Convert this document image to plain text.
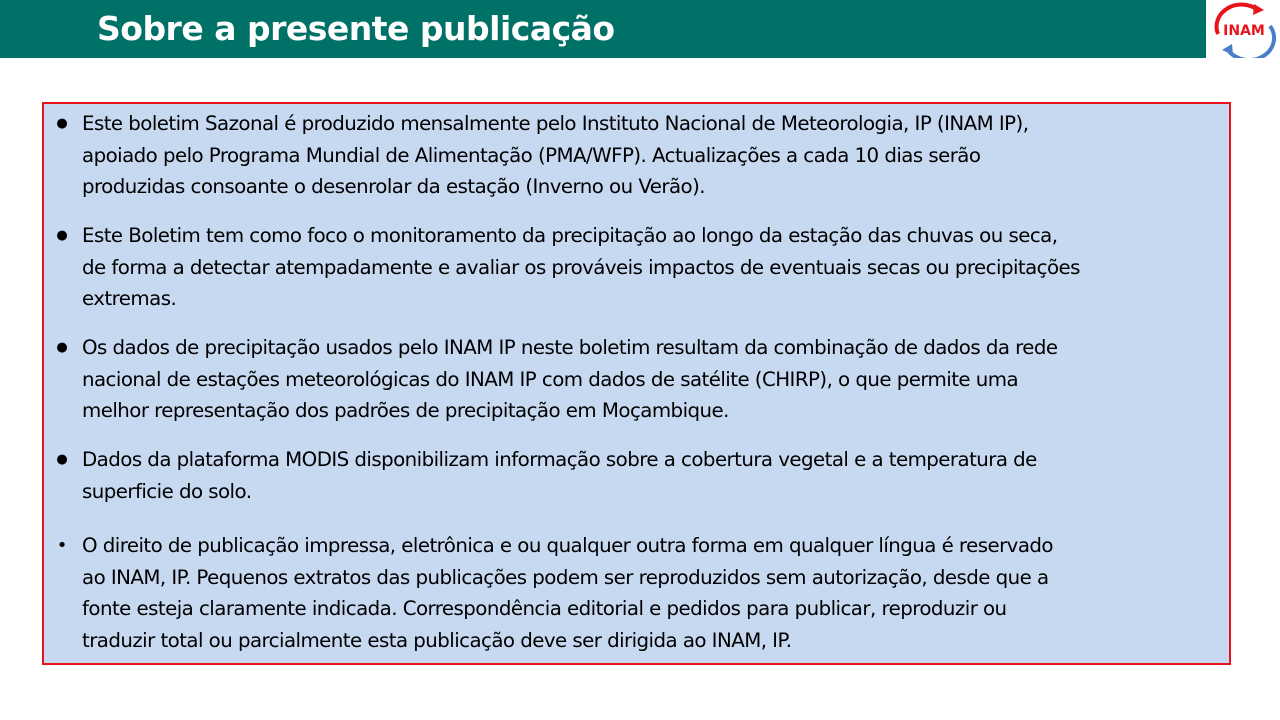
Sobre a presente publicação	INAM
● Este boletim Sazonal é produzido mensalmente pelo Instituto Nacional de Meteorologia, IP (INAM IP),
apoiado pelo Programa Mundial de Alimentação (PMA/WFP). Actualizações a cada 10 dias serão
produzidas consoante o desenrolar da estação (Inverno ou Verão).
● Este Boletim tem como foco o monitoramento da precipitação ao longo da estação das chuvas ou seca,
de forma a detectar atempadamente e avaliar os prováveis impactos de eventuais secas ou precipitações
extremas.
● Os dados de precipitação usados pelo INAM IP neste boletim resultam da combinação de dados da rede
nacional de estações meteorológicas do INAM IP com dados de satélite (CHIRP), o que permite uma
melhor representação dos padrões de precipitação em Moçambique.
● Dados da plataforma MODIS disponibilizam informação sobre a cobertura vegetal e a temperatura de
superficie do solo.
• O direito de publicação impressa, eletrônica e ou qualquer outra forma em qualquer língua é reservado
ao INAM, IP. Pequenos extratos das publicações podem ser reproduzidos sem autorização, desde que a
fonte esteja claramente indicada. Correspondência editorial e pedidos para publicar, reproduzir ou
traduzir total ou parcialmente esta publicação deve ser dirigida ao INAM, IP.
